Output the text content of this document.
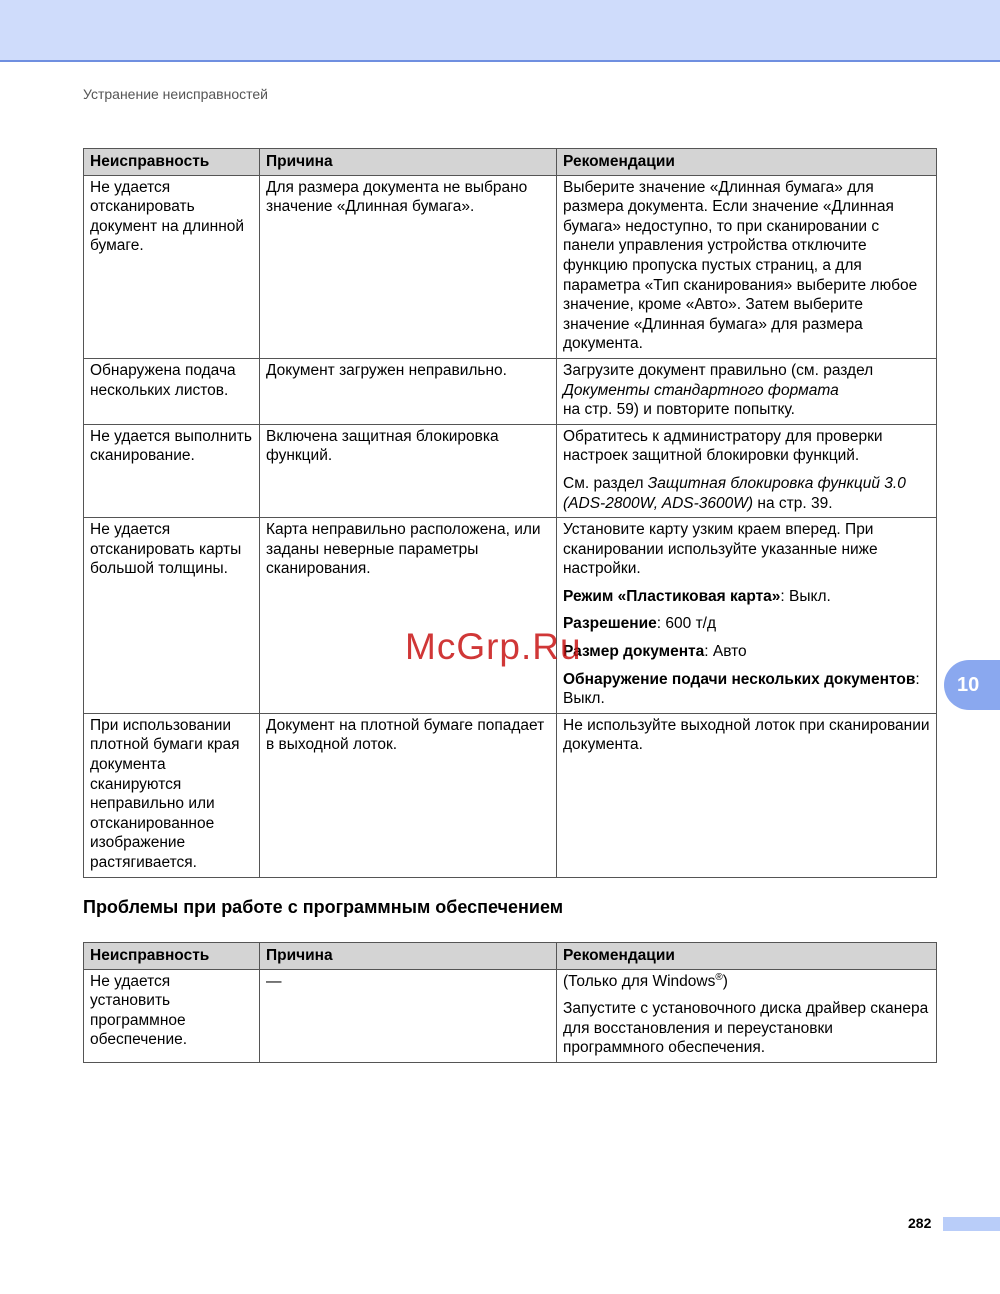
Устранение неисправностей
Неисправность	Причина	Рекомендации
Не удается отсканировать документ на длинной бумаге.	Для размера документа не выбрано значение «Длинная бумага».	Выберите значение «Длинная бумага» для размера документа. Если значение «Длинная бумага» недоступно, то при сканировании с панели управления устройства отключите функцию пропуска пустых страниц, а для параметра «Тип сканирования» выберите любое значение, кроме «Авто». Затем выберите значение «Длинная бумага» для размера документа.
Обнаружена подача нескольких листов.	Документ загружен неправильно.	Загрузите документ правильно (см. раздел
Документы стандартного формата
на стр. 59) и повторите попытку.
Не удается выполнить сканирование.	Включена защитная блокировка функций.	Обратитесь к администратору для проверки настроек защитной блокировки функций.

См. раздел Защитная блокировка функций 3.0 (ADS-2800W, ADS-3600W) на стр. 39.

Не удается отсканировать карты большой толщины.	Карта неправильно расположена, или заданы неверные параметры сканирования.	Установите карту узким краем вперед. При сканировании используйте указанные ниже настройки.

Режим «Пластиковая карта»: Выкл.

Разрешение: 600 т/д

Размер документа: Авто

Обнаружение подачи нескольких документов: Выкл.

При использовании плотной бумаги края документа сканируются неправильно или отсканированное изображение растягивается.	Документ на плотной бумаге попадает в выходной лоток.	Не используйте выходной лоток при сканировании документа.
Проблемы при работе с программным обеспечением
Неисправность	Причина	Рекомендации
Не удается установить программное обеспечение.	—	(Только для Windows®)

Запустите с установочного диска драйвер сканера для восстановления и переустановки программного обеспечения.

10
McGrp.Ru
282
